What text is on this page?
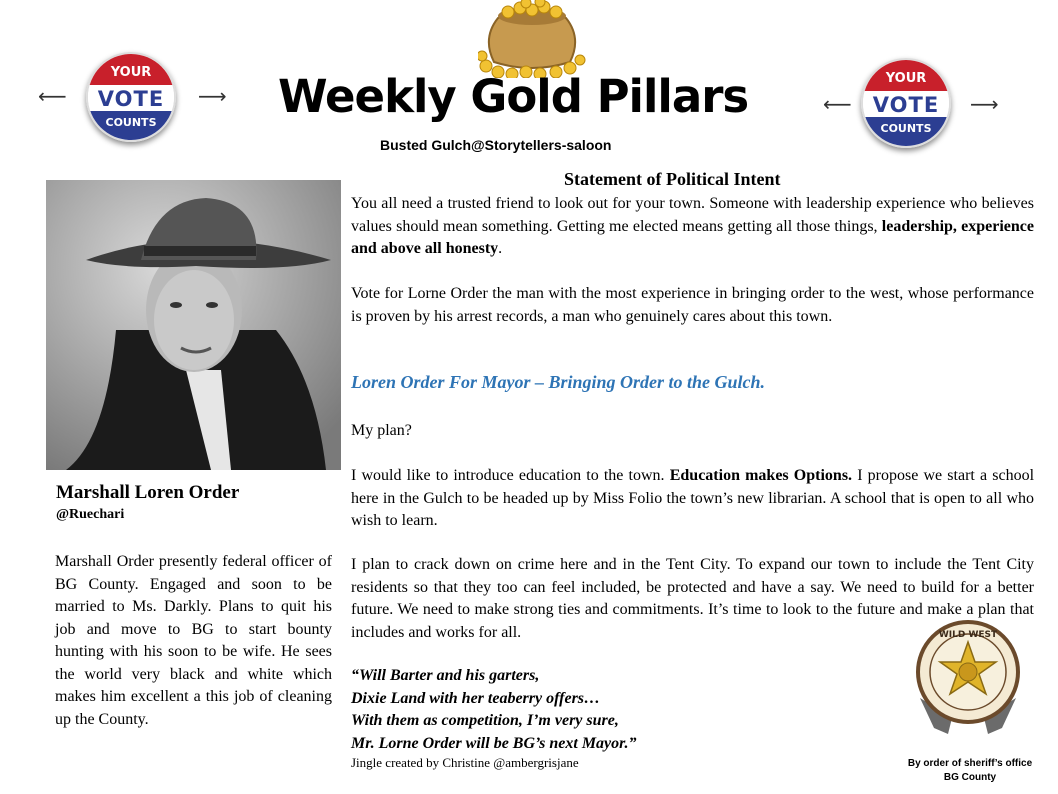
Weekly Gold Pillars
Busted Gulch@Storytellers-saloon
⟵
YOUR
VOTE
COUNTS
⟶	⟵
YOUR
VOTE
COUNTS
⟶
Marshall Loren Order
@Ruechari
Marshall Order presently federal officer of BG County. Engaged and soon to be married to Ms. Darkly. Plans to quit his job and move to BG to start bounty hunting with his soon to be wife. He sees the world very black and white which makes him excellent a this job of cleaning up the County.
Statement of Political Intent
You all need a trusted friend to look out for your town. Someone with leadership experience who believes values should mean something. Getting me elected means getting all those things, leadership, experience and above all honesty.
Vote for Lorne Order the man with the most experience in bringing order to the west, whose performance is proven by his arrest records, a man who genuinely cares about this town.
Loren Order For Mayor – Bringing Order to the Gulch.
My plan?
I would like to introduce education to the town. Education makes Options. I propose we start a school here in the Gulch to be headed up by Miss Folio the town’s new librarian. A school that is open to all who wish to learn.
I plan to crack down on crime here and in the Tent City. To expand our town to include the Tent City residents so that they too can feel included, be protected and have a say. We need to build for a better future. We need to make strong ties and commitments. It’s time to look to the future and make a plan that includes and works for all.
“Will Barter and his garters,
Dixie Land with her teaberry offers…
With them as competition, I’m very sure,
Mr. Lorne Order will be BG’s next Mayor.”
Jingle created by Christine @ambergrisjane
WILD WEST
By order of sheriff’s office
BG County
